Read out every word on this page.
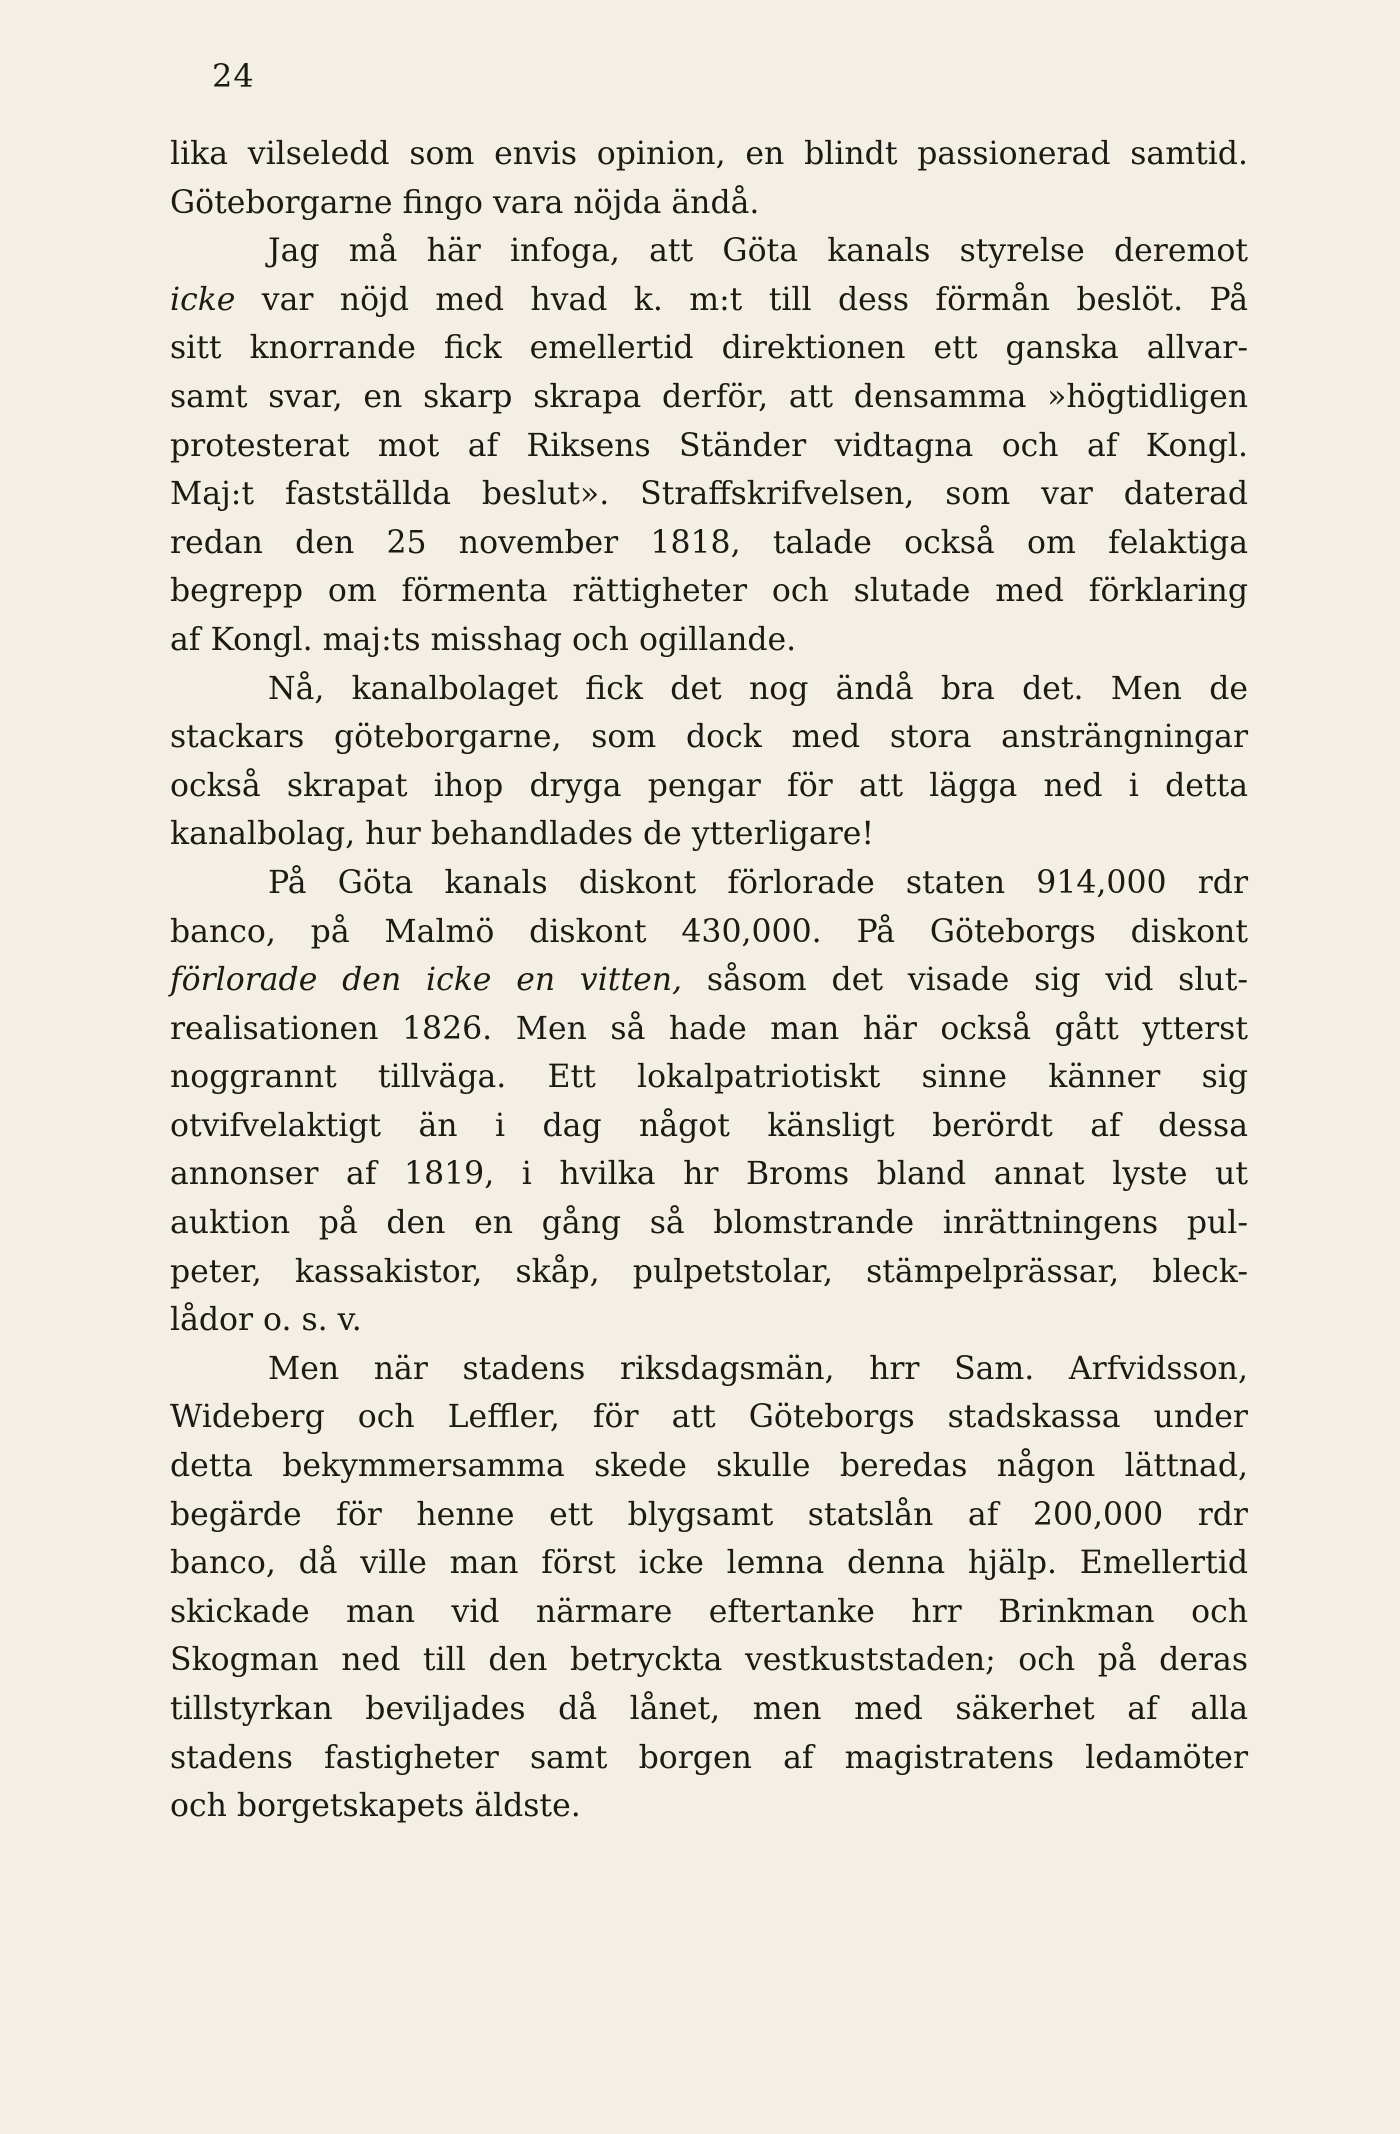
24

lika vilseledd som envis opinion, en blindt passionerad samtid.
Göteborgarne fingo vara nöjda ändå.
Jag må här infoga, att Göta kanals styrelse deremot
icke var nöjd med hvad k. m:t till dess förmån beslöt. På
sitt knorrande fick emellertid direktionen ett ganska allvar-
samt svar, en skarp skrapa derför, att densamma »högtidligen
protesterat mot af Riksens Ständer vidtagna och af Kongl.
Maj:t fastställda beslut». Straffskrifvelsen, som var daterad
redan den 25 november 1818, talade också om felaktiga
begrepp om förmenta rättigheter och slutade med förklaring
af Kongl. maj:ts misshag och ogillande.
Nå, kanalbolaget fick det nog ändå bra det. Men de
stackars göteborgarne, som dock med stora ansträngningar
också skrapat ihop dryga pengar för att lägga ned i detta
kanalbolag, hur behandlades de ytterligare!
På Göta kanals diskont förlorade staten 914,000 rdr
banco, på Malmö diskont 430,000. På Göteborgs diskont
förlorade den icke en vitten, såsom det visade sig vid slut-
realisationen 1826. Men så hade man här också gått ytterst
noggrannt tillväga. Ett lokalpatriotiskt sinne känner sig
otvifvelaktigt än i dag något känsligt berördt af dessa
annonser af 1819, i hvilka hr Broms bland annat lyste ut
auktion på den en gång så blomstrande inrättningens pul-
peter, kassakistor, skåp, pulpetstolar, stämpelprässar, bleck-
lådor o. s. v.
Men när stadens riksdagsmän, hrr Sam. Arfvidsson,
Wideberg och Leffler, för att Göteborgs stadskassa under
detta bekymmersamma skede skulle beredas någon lättnad,
begärde för henne ett blygsamt statslån af 200,000 rdr
banco, då ville man först icke lemna denna hjälp. Emellertid
skickade man vid närmare eftertanke hrr Brinkman och
Skogman ned till den betryckta vestkuststaden; och på deras
tillstyrkan beviljades då lånet, men med säkerhet af alla
stadens fastigheter samt borgen af magistratens ledamöter
och borgetskapets äldste.
